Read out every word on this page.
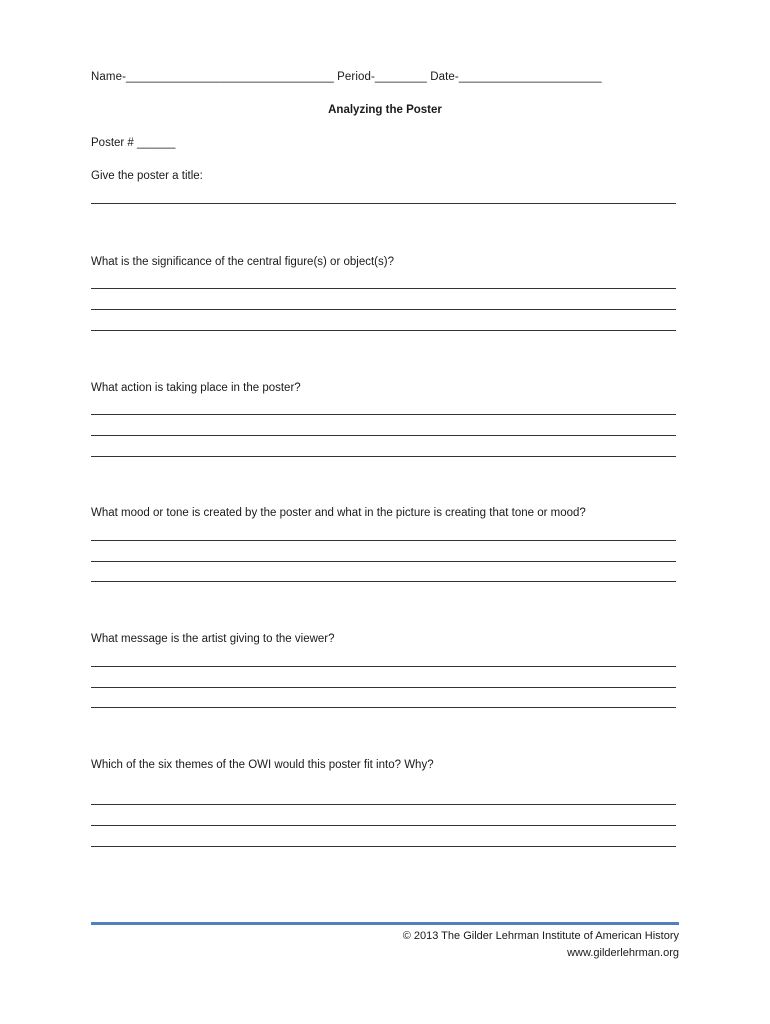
Name-________________________________ Period-________ Date-______________________
Analyzing the Poster
Poster # ______
Give the poster a title:
What is the significance of the central figure(s) or object(s)?
What action is taking place in the poster?
What mood or tone is created by the poster and what in the picture is creating that tone or mood?
What message is the artist giving to the viewer?
Which of the six themes of the OWI would this poster fit into? Why?
© 2013 The Gilder Lehrman Institute of American History
www.gilderlehrman.org
